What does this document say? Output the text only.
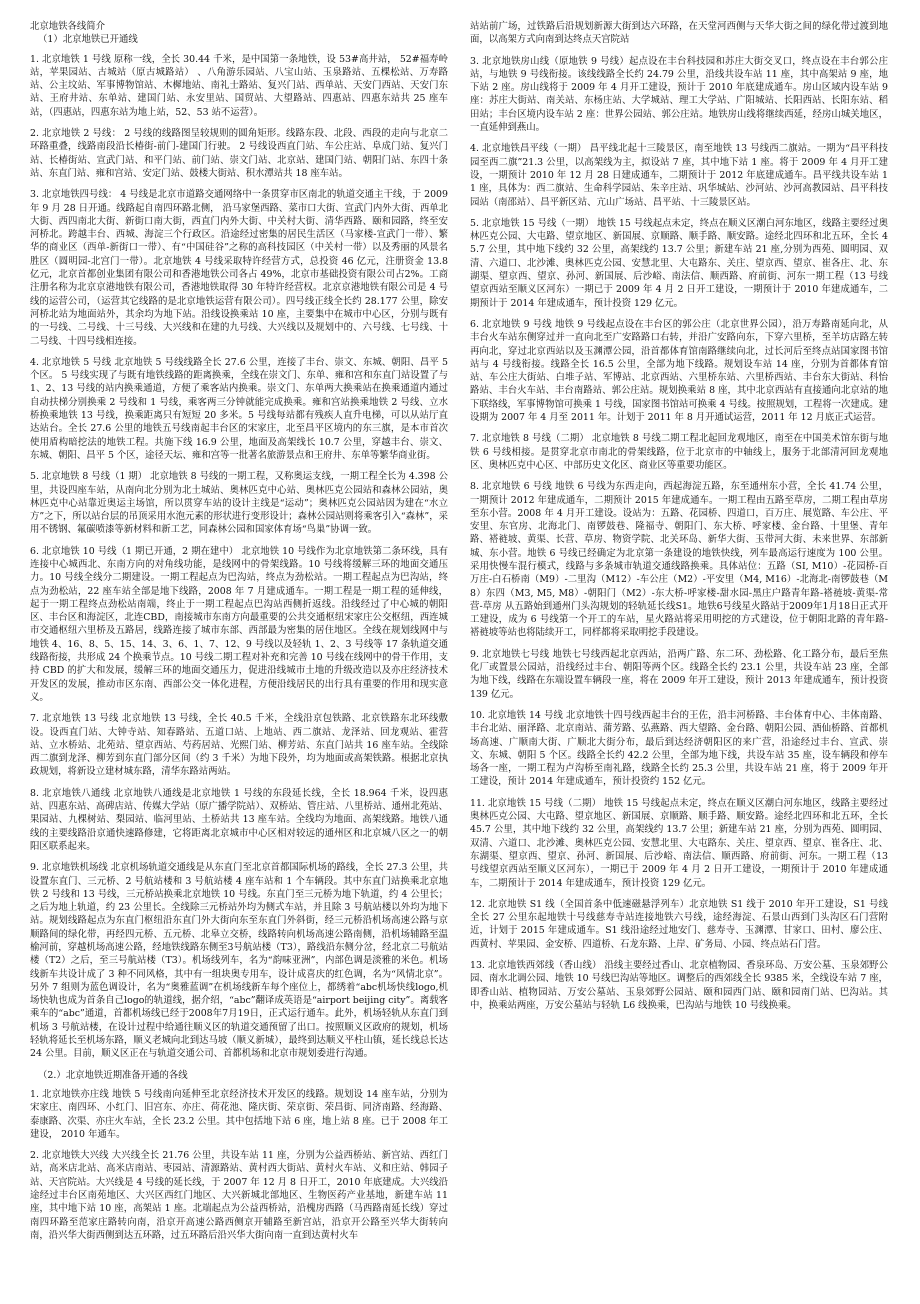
北京地铁各线简介
（1）北京地铁已开通线

1. 北京地铁 1 号线 原称一线，全长 30.44 千米，是中国第一条地铁，设 53#高井站， 52#福寿岭站，苹果园站、古城站（原古城路站） 、八角游乐园站、八宝山站、玉泉路站、五棵松站、万寿路站、公主坟站、军事博物馆站、木樨地站、南礼士路站、复兴门站、西单站、天安门西站、天安门东站、王府井站、东单站、建国门站、永安里站、国贸站、大望路站、四惠站、四惠东站共 25 座车站，（四惠站，四惠东站为地上站，52、53 站不运营）。

2. 北京地铁 2 号线： 2 号线的线路图呈较规则的圆角矩形。线路东段、北段、西段的走向与北京二环路重叠，线路南段沿长椿街-前门-建国门行驶。 2 号线设西直门站、车公庄站、阜成门站、复兴门站、长椿街站、宣武门站、和平门站、前门站、崇文门站、北京站、建国门站、朝阳门站、东四十条站、东直门站、雍和宫站、安定门站、鼓楼大街站、积水潭站共 18 座车站。

3. 北京地铁四号线： 4 号线是北京市道路交通网络中一条贯穿市区南北的轨道交通主干线，于 2009 年 9 月 28 日开通。线路起自南四环路北侧， 沿马家堡西路、菜市口大街、宣武门内外大街、西单北大街、西四南北大街、新街口南大街，西直门内外大街、中关村大街、清华西路、颐和园路，终至安河桥北。跨越丰台、西城、海淀三个行政区。沿途经过密集的居民生活区（马家楼-宣武门一带）、繁华的商业区（西单-新街口一带）、有“中国硅谷”之称的高科技园区（中关村一带）以及秀丽的风景名胜区（圆明园-北宫门一带）。北京地铁 4 号线采取特许经营方式，总投资 46 亿元，注册资金 13.8 亿元，北京首都创业集团有限公司和香港地铁公司各占 49%，北京市基础投资有限公司占2%。工商注册名称为北京京港地铁有限公司，香港地铁取得 30 年特许经营权。北京京港地铁有限公司是 4 号线的运营公司，（运营其它线路的是北京地铁运营有限公司）。四号线正线全长约 28.177 公里，除安河桥北站为地面站外，其余均为地下站。沿线设换乘站 10 座，主要集中在城市中心区，分别与既有的一号线、二号线、十三号线、大兴线和在建的九号线、大兴线以及规划中的、六号线、七号线、十二号线、十四号线相连接。

4. 北京地铁 5 号线 北京地铁 5 号线线路全长 27.6 公里，连接了丰台、崇文、东城、朝阳、昌平 5 个区。 5 号线实现了与既有地铁线路的距离换乘，全线在崇文门、东单、雍和宫和东直门站设置了与 1、2、13 号线的站内换乘通道，方便了乘客站内换乘。崇文门、东单两大换乘站在换乘通道内通过自动扶梯分别换乘 2 号线和 1 号线，乘客两三分钟就能完成换乘。雍和宫站换乘地铁 2 号线、立水桥换乘地铁 13 号线，换乘距离只有短短 20 多米。5 号线每站都有残疾人直升电梯，可以从站厅直达站台。全长 27.6 公里的地铁五号线南起丰台区的宋家庄，北至昌平区境内的东三旗，是本市首次使用盾构暗挖法的地铁工程。共施下线 16.9 公里，地面及高架线长 10.7 公里，穿越丰台、崇文、东城、朝阳、昌平 5 个区，途径天坛、雍和宫等一批著名旅游景点和王府井、东单等繁华商业街。

5. 北京地铁 8 号线（1 期） 北京地铁 8 号线的一期工程，又称奥运支线，一期工程全长为 4.398 公里，共设四座车站，从南向北分别为北土城站、奥林匹克中心站、奥林匹克公园站和森林公园站，奥林匹克中心站靠近奥运主场馆，所以贯穿车站的设计主线是“运动”；奥林匹克公园站因为建在“水立方”之下，所以站台层的吊顶采用水泡元素的形状进行变形设计；森林公园站则将乘客引入“森林”，采用不锈钢、氟碳喷漆等新材料和新工艺，同森林公园和国家体育场“鸟巢”协调一致。

6. 北京地铁 10 号线（1 期已开通，2 期在建中） 北京地铁 10 号线作为北京地铁第二条环线，具有连接中心城西北、东南方向的对角线功能，是线网中的骨架线路。10 号线将缓解三环的地面交通压力。10 号线全线分二期建设。一期工程起点为巴沟站，终点为劲松站。一期工程起点为巴沟站，终点为劲松站，22 座车站全部是地下线路，2008 年 7 月建成通车。一期工程是一期工程的延伸线，起于一期工程终点劲松站南端，终止于一期工程起点巴沟站西侧折返线。沿线经过了中心城的朝阳区、丰台区和海淀区，北连CBD，南接城市东南方向最重要的公共交通枢纽宋家庄公交枢纽，西连城市交通枢纽六里桥及五路居，线路连接了城市东部、西部最为密集的居住地区。全线在规划线网中与地铁 4、16、8、5、15、14、3、6、1、7、12、9 号线以及轻轨 1、2、3 号线等 17 条轨道交通线路衔接，共形成 24 个换乘节点。10 号线二期工程对补充和完善 10 号线在线网中的骨干作用，支持 CBD 的扩大和发展，缓解三环的地面交通压力，促进沿线城市土地的升级改造以及亦庄经济技术开发区的发展，推动市区东南、西部公交一体化进程，方便沿线居民的出行具有重要的作用和现实意义。

7. 北京地铁 13 号线 北京地铁 13 号线，全长 40.5 千米，全线沿京包铁路、北京铁路东北环线敷设。设西直门站、大钟寺站、知春路站、五道口站、上地站、西二旗站、龙泽站、回龙观站、霍营站、立水桥站、北苑站、望京西站、芍药居站、光熙门站、柳芳站、东直门站共 16 座车站。全线除西二旗到龙泽、柳芳到东直门部分区间（约 3 千米）为地下段外，均为地面或高架铁路。根据北京执政规划，将新设立建材城东路，清华东路站两站。

8. 北京地铁八通线 北京地铁八通线是北京地铁 1 号线的东段延长线，全长 18.964 千米，设四惠站、四惠东站、高碑店站、传媒大学站（原广播学院站）、双桥站、管庄站、八里桥站、通州北苑站、果园站、九棵树站、梨园站、临河里站、土桥站共 13 座车站。全线均为地面、高架线路。地铁八通线的主要线路沿京通快速路修建，它将距离北京城市中心区相对较远的通州区和北京城八区之一的朝阳区联系起来。

9. 北京地铁机场线 北京机场轨道交通线是从东直门至北京首都国际机场的路线，全长 27.3 公里，共设置东直门、三元桥、2 号航站楼和 3 号航站楼 4 座车站和 1 个车辆段。其中东直门站换乘北京地铁 2 号线和 13 号线，三元桥站换乘北京地铁 10 号线。东直门至三元桥为地下轨道，约 4 公里长；之后为地上轨道，约 23 公里长。全线除三元桥站外均为侧式车站，并且除 3 号航站楼以外均为地下站。规划线路起点为东直门枢纽沿东直门外大街向东至东直门外斜街，经三元桥沿机场高速公路与京顺路间的绿化带，再经四元桥、五元桥、北皋立交桥，线路转向机场高速公路南侧，沿机场辅路至温榆河前，穿越机场高速公路，经地铁线路东侧至3号航站楼（T3），路线沿东侧分岔，经北京二号航站楼（T2）之后，至三号航站楼（T3）。机场线列车，名为“韵味亚洲”，内部色调是淡雅的米色。机场线新车共设计成了 3 种不同风格，其中有一组块奥专用车，设计成喜庆的红色调，名为“风情北京”。另外 7 组则为蓝色调设计，名为“奥雅蓝调”在机场线新车每个座位上，都绣着“abc机场快线logo,机场快轨也成为首条自己logo的轨道线，据介绍，“abc”翻译成英语是“airport beijing city”。离载客乘车的“abc”通道，首都机场线已经于2008年7月19日，正式运行通车。此外，机场轻轨从东直门到机场 3 号航站楼，在设计过程中给通往顺义区的轨道交通预留了出口。按照顺义区政府的规划，机场轻轨将延长至机场东路，顺义老城向北到达马坡（顺义新城），最终到达顺义平柱山镇，延长线总长达 24 公里。目前，顺义区正在与轨道交通公司、首都机场和北京市规划委进行沟通。

（2.）北京地铁近期准备开通的各线

1. 北京地铁亦庄线 地铁 5 号线南向延伸至北京经济技术开发区的线路。规划设 14 座车站，分别为宋家庄、南四环、小红门、旧宫东、亦庄、荷花池、隆庆街、荣京街、荣昌街、同济南路、经海路、泰康路、次渠、亦庄火车站，全长 23.2 公里。其中包括地下站 6 座，地上站 8 座。已于 2008 年工建设， 2010 年通车。

2. 北京地铁大兴线 大兴线全长 21.76 公里，共设车站 11 座，分别为公益西桥站、新宫站、西红门站，高米店北站、高米店南站、枣园站、清源路站、黄村西大街站、黄村火车站、义和庄站、韩园子站、天宫院站。大兴线是 4 号线的延长线，于 2007 年 12 月 8 日开工，2010 年底建成。大兴线沿途经过丰台区南苑地区、大兴区西红门地区、大兴新城北部地区、生物医药产业基地，新建车站 11 座，其中地下站 10 座，高架站 1 座。北端起点为公益西桥站，沿槐房西路（马西路南延长线）穿过南四环路至范家庄路转向南，沿京开高速公路西侧京开辅路至新宫站，沿京开公路至兴华大街转向南，沿兴华大街西侧到达五环路，过五环路后沿兴华大街向南一直到达黄村火车

站站前广场，过铁路后沿规划新源大街到达六环路，在天堂河西侧与天华大街之间的绿化带过渡到地面，以高架方式向南到达终点天宫院站

3. 北京地铁房山线（原地铁 9 号线）起点设在丰台科技园和苏庄大街交叉口，终点设在丰台郭公庄站，与地铁 9 号线衔接。该线线路全长约 24.79 公里，沿线共设车站 11 座，其中高架站 9 座，地下站 2 座。房山线将于 2009 年 4 月开工建设，预计于 2010 年底建成通车。房山区域内设车站 9 座：苏庄大街站、南关站、东杨庄站、大学城站、理工大学站、广阳城站、长阳西站、长阳东站、稻田站；丰台区境内设车站 2 座：世界公园站、郭公庄站。地铁房山线将继续西延，经房山城关地区，一直延伸到燕山。

4. 北京地铁昌平线（一期） 昌平线北起十三陵景区，南至地铁 13 号线西二旗站。一期为“昌平科技园至西二旗”21.3 公里，以高架线为主，拟设站 7 座，其中地下站 1 座。将于 2009 年 4 月开工建设，一期预计 2010 年 12 月 28 日建成通车，二期预计于 2012 年底建成通车。昌平线共设车站 11 座，具体为：西二旗站、生命科学园站、朱辛庄站、巩华城站、沙河站、沙河高教园站、昌平科技园站（南邵站）、昌平新区站、亢山广场站、昌平站、十三陵景区站。

5. 北京地铁 15 号线（一期） 地铁 15 号线起点未定，终点在顺义区潮白河东地区，线路主要经过奥林匹克公园、大屯路、望京地区、新国展、京顺路、顺手路、顺安路。途经北四环和北五环，全长 45.7 公里，其中地下线约 32 公里，高架线约 13.7 公里；新建车站 21 座,分别为西苑、圆明园、双清、六道口、北沙滩、奥林匹克公园、安慧北里、大屯路东、关庄、望京西、望京、崔各庄、北、东湖渠、望京西、望京、孙河、新国展、后沙峪、南法信、顺西路、府前街、河东一期工程（13 号线望京西站至顺义区河东）一期已于 2009 年 4 月 2 日开工建设，一期预计于 2010 年建成通车，二期预计于 2014 年建成通车，预计投资 129 亿元。

6. 北京地铁 9 号线 地铁 9 号线起点设在丰台区的郭公庄（北京世界公园），沿万寿路南延向北，从丰台火车站东侧穿过并一直向北至广安路路口右转，并沿广安路向东，下穿六里桥，至羊坊店路左转再向北，穿过北京西站以及玉渊潭公园，沿首都体育馆南路继续向北，过长河后至终点站国家图书馆站与 4 号线衔接。线路全长 16.5 公里，全部为地下线路。规划设车站 14 座，分别为首都体育馆站、车公庄大街站、白堆子站、军博站、北京西站、六里桥东站、六里桥西站、丰台东大街站、科怡路站、丰台火车站、丰台南路站、郭公庄站。规划换乘站 8 座，其中北京西站有直接通向北京站的地下联络线，军事博物馆可换乘 1 号线，国家图书馆站可换乘 4 号线。按照规划，工程将一次建成。建设期为 2007 年 4 月至 2011 年。计划于 2011 年 8 月开通试运营，2011 年 12 月底正式运营。

7. 北京地铁 8 号线（二期） 北京地铁 8 号线二期工程北起回龙观地区，南至在中国美术馆东街与地铁 6 号线相接。是贯穿北京市南北的骨架线路，位于北京市的中轴线上，服务于北部清河回龙观地区、奥林匹克中心区、中部历史文化区、商业区等重要功能区。

8. 北京地铁 6 号线 地铁 6 号线为东西走向，西起海淀五路，东至通州东小营，全长 41.74 公里，一期预计 2012 年建成通车，二期预计 2015 年建成通车。一期工程由五路至草房，二期工程由草房至东小营。2008 年 4 月开工建设。设站为：五路、花园桥、四道口，百万庄、展览路、车公庄、平安里、东官房、北海北门、南锣鼓巷、隆福寺、朝阳门、东大桥、呼家楼、金台路、十里堡、青年路、褡裢坡、黄渠、长营、草房、物资学院、北关环岛、新华大街、玉带河大街、未来世界、东部新城、东小营。地铁 6 号线已经确定为北京第一条建设的地铁快线，列车最高运行速度为 100 公里。采用快慢车混行模式，线路与多条城市轨道交通线路换乘。具体站位：五路（SI, M10）-花园桥-百万庄-白石桥南（M9）-二里沟（M12）-车公庄（M2）-平安里（M4, M16）-北海北-南锣鼓巷（M8）东四（M3, M5, M8）-朝阳门（M2）-东大桥-呼家楼-甜水园-黑庄户路青年路-褡裢坡-黄渠-常营-草房 从五路始到通州门头沟规划的轻轨延长线S1。地铁6号线星火路站于2009年1月18日正式开工建设，成为 6 号线第一个开工的车站，星火路站将采用明挖的方式建设，位于朝阳北路的青年路-褡裢坡等站也将陆续开工，同样都将采取明挖手段建设。

9. 北京地铁七号线 地铁七号线西起北京西站，沿两广路、东二环、劲松路、化工路分布，最后至焦化厂或置景公园站，沿线经过丰台、朝阳等两个区。线路全长约 23.1 公里，共设车站 23 座，全部为地下线，线路在东端设置车辆段一座，将在 2009 年开工建设，预计 2013 年建成通车，预计投资 139 亿元。

10. 北京地铁 14 号线 北京地铁十四号线西起丰台的王佐，沿丰河桥路、丰台体育中心、丰体南路、丰台北站、丽泽路、北京南站、蒲芳路、弘燕路、西大望路、金台路、朝阳公园、酒仙桥路、首都机场高速、广顺南大街、广顺北大街分布，最后到达经济朝阳区的来广营，沿途经过丰台、宣武、崇文、东城、朝阳 5 个区。线路全长约 42.2 公里，全部为地下线，共设车站 35 座，设车辆段和停车场各一座，一期工程为卢沟桥至南礼路，线路全长约 25.3 公里，共设车站 21 座，将于 2009 年开工建设，预计 2014 年建成通车，预计投资约 152 亿元。

11. 北京地铁 15 号线（二期） 地铁 15 号线起点未定，终点在顺义区潮白河东地区，线路主要经过奥林匹克公园、大屯路、望京地区、新国展、京顺路、顺手路、顺安路。途经北四环和北五环，全长 45.7 公里，其中地下线约 32 公里，高架线约 13.7 公里；新建车站 21 座，分别为西苑、圆明园、双清、六道口、北沙滩、奥林匹克公园、安慧北里、大屯路东、关庄、望京西、望京、崔各庄、北、东湖渠、望京西、望京、孙河、新国展、后沙峪、南法信、顺西路、府前街、河东。一期工程（13 号线望京西站至顺义区河东），一期已于 2009 年 4 月 2 日开工建设，一期预计于 2010 年建成通车，二期预计于 2014 年建成通车，预计投资 129 亿元。

12. 北京地铁 S1 线（全国首条中低速磁悬浮列车）北京地铁 S1 线于 2010 年开工建设，S1 号线全长 27 公里东起地铁十号线慈寿寺站连接地铁六号线，途经海淀、石景山西到门头沟区石门营附近，计划于 2015 年建成通车。S1 线沿途经过地安门、慈寿寺、玉渊潭、甘家口、田村、廖公庄、西黄村、苹果园、金安桥、四道桥、石龙东路、上岸、矿务局、小园、终点站石门营。

13. 北京地铁西郊线（香山线） 沿线主要经过香山、北京植物园、香泉环岛、万安公墓、玉泉郊野公园、南水北调公园、地铁 10 号线巴沟站等地区。调整后的西郊线全长 9385 米，全线设车站 7 座，即香山站、植物园站、万安公墓站、玉泉郊野公园站、颐和园西门站、颐和园南门站、巴沟站。其中，换乘站两座，万安公墓站与轻轨 L6 线换乘，巴沟站与地铁 10 号线换乘。
